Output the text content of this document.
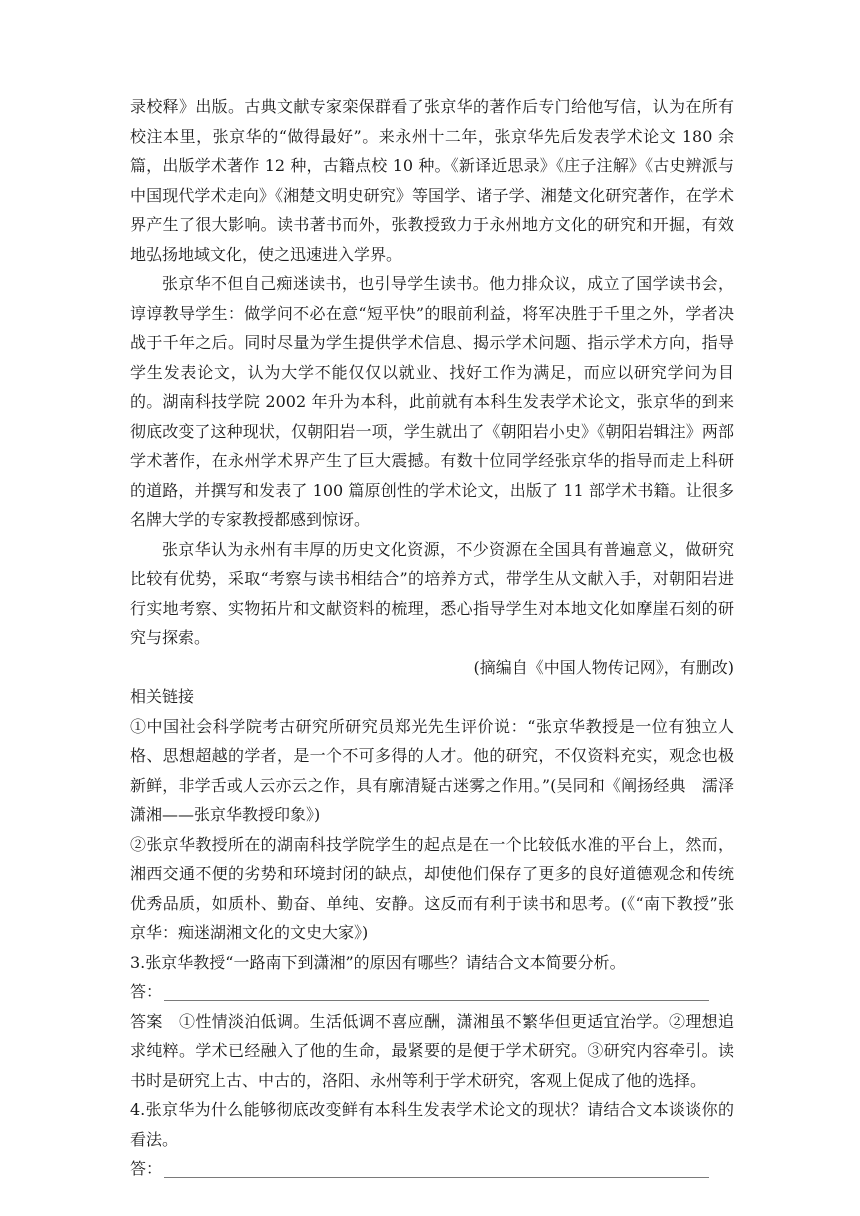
录校释》出版。古典文献专家栾保群看了张京华的著作后专门给他写信，认为在所有校注本里，张京华的“做得最好”。来永州十二年，张京华先后发表学术论文 180 余篇，出版学术著作 12 种，古籍点校 10 种。《新译近思录》《庄子注解》《古史辨派与中国现代学术走向》《湘楚文明史研究》等国学、诸子学、湘楚文化研究著作，在学术界产生了很大影响。读书著书而外，张教授致力于永州地方文化的研究和开掘，有效地弘扬地域文化，使之迅速进入学界。

张京华不但自己痴迷读书，也引导学生读书。他力排众议，成立了国学读书会，谆谆教导学生：做学问不必在意“短平快”的眼前利益，将军决胜于千里之外，学者决战于千年之后。同时尽量为学生提供学术信息、揭示学术问题、指示学术方向，指导学生发表论文，认为大学不能仅仅以就业、找好工作为满足，而应以研究学问为目的。湖南科技学院 2002 年升为本科，此前就有本科生发表学术论文，张京华的到来彻底改变了这种现状，仅朝阳岩一项，学生就出了《朝阳岩小史》《朝阳岩辑注》两部学术著作，在永州学术界产生了巨大震撼。有数十位同学经张京华的指导而走上科研的道路，并撰写和发表了 100 篇原创性的学术论文，出版了 11 部学术书籍。让很多名牌大学的专家教授都感到惊讶。

张京华认为永州有丰厚的历史文化资源，不少资源在全国具有普遍意义，做研究比较有优势，采取“考察与读书相结合”的培养方式，带学生从文献入手，对朝阳岩进行实地考察、实物拓片和文献资料的梳理，悉心指导学生对本地文化如摩崖石刻的研究与探索。

(摘编自《中国人物传记网》，有删改)

相关链接

①中国社会科学院考古研究所研究员郑光先生评价说：“张京华教授是一位有独立人格、思想超越的学者，是一个不可多得的人才。他的研究，不仅资料充实，观念也极新鲜，非学舌或人云亦云之作，具有廓清疑古迷雾之作用。”(吴同和《阐扬经典　濡泽潇湘——张京华教授印象》)

②张京华教授所在的湖南科技学院学生的起点是在一个比较低水准的平台上，然而，湘西交通不便的劣势和环境封闭的缺点，却使他们保存了更多的良好道德观念和传统优秀品质，如质朴、勤奋、单纯、安静。这反而有利于读书和思考。(《“南下教授”张京华：痴迷湖湘文化的文史大家》)

3.张京华教授“一路南下到潇湘”的原因有哪些？请结合文本简要分析。

答：

答案　①性情淡泊低调。生活低调不喜应酬，潇湘虽不繁华但更适宜治学。②理想追求纯粹。学术已经融入了他的生命，最紧要的是便于学术研究。③研究内容牵引。读书时是研究上古、中古的，洛阳、永州等利于学术研究，客观上促成了他的选择。

4.张京华为什么能够彻底改变鲜有本科生发表学术论文的现状？请结合文本谈谈你的看法。

答：
